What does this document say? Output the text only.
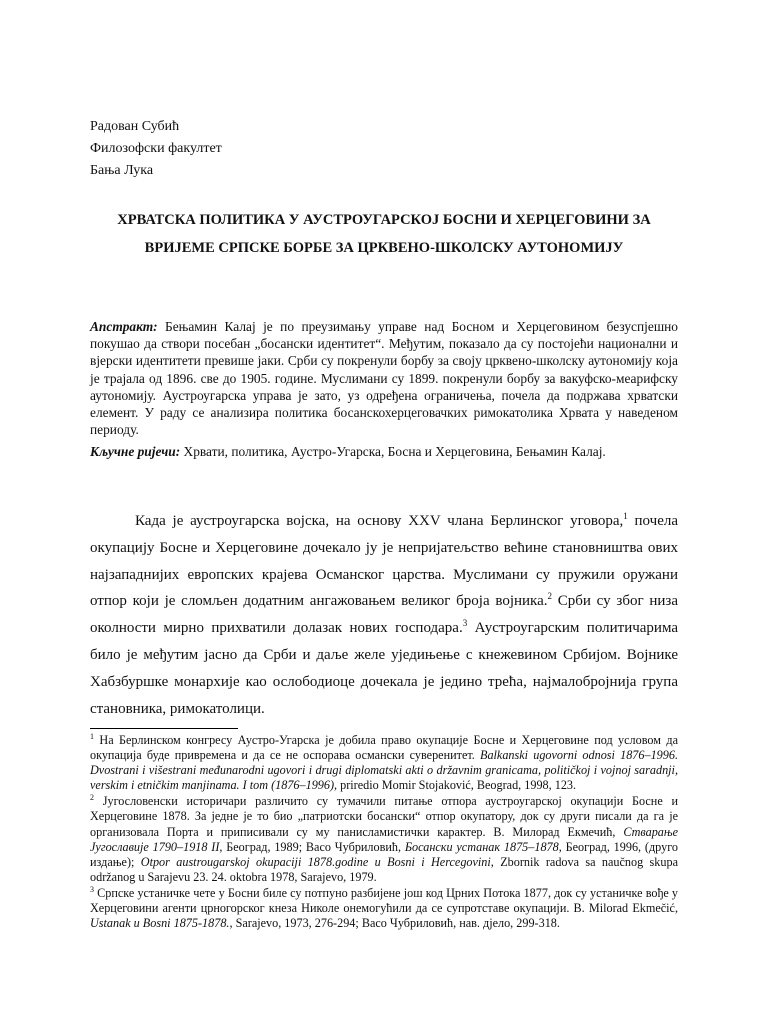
Радован Субић
Филозофски факултет
Бања Лука
ХРВАТСКА ПОЛИТИКА У АУСТРОУГАРСКОЈ БОСНИ И ХЕРЦЕГОВИНИ ЗА
ВРИЈЕМЕ СРПСКЕ БОРБЕ ЗА ЦРКВЕНО-ШКОЛСКУ АУТОНОМИЈУ
Апстракт: Бењамин Калај је по преузимању управе над Босном и Херцеговином безуспјешно покушао да створи посебан „босански идентитет“. Међутим, показало да су постојећи национални и вјерски идентитети превише јаки. Срби су покренули борбу за своју црквено-школску аутономију која је трајала од 1896. све до 1905. године. Муслимани су 1899. покренули борбу за вакуфско-меарифску аутономију. Аустроугарска управа је зато, уз одређена ограничења, почела да подржава хрватски елемент. У раду се анализира политика босанскохерцеговачких римокатолика Хрвата у наведеном периоду.
Кључне ријечи: Хрвати, политика, Аустро-Угарска, Босна и Херцеговина, Бењамин Калај.

Када је аустроугарска војска, на основу XXV члана Берлинског уговора,$^1$ почела окупацију Босне и Херцеговине дочекало ју је непријатељство већине становништва ових најзападнијих европских крајева Османског царства. Муслимани су пружили оружани отпор који је сломљен додатним ангажовањем великог броја војника.$^2$ Срби су због низа околности мирно прихватили долазак нових господара.$^3$ Аустроугарским политичарима било је међутим јасно да Срби и даље желе уједињење с кнежевином Србијом. Војнике Хабзбуршке монархије као ослободиоце дочекала је једино трећа, најмалобројнија група становника, римокатолици.

$^1$ На Берлинском конгресу Аустро-Угарска је добила право окупације Босне и Херцеговине под условом да окупација буде привремена и да се не оспорава османски суверенитет. Balkanski ugovorni odnosi 1876–1996. Dvostrani i višestrani međunarodni ugovori i drugi diplomatski akti o državnim granicama, političkoj i vojnoj saradnji, verskim i etničkim manjinama. I tom (1876–1996), priredio Momir Stojaković, Beograd, 1998, 123.

$^2$ Југословенски историчари различито су тумачили питање отпора аустроугарској окупацији Босне и Херцеговине 1878. За једне је то био „патриотски босански“ отпор окупатору, док су други писали да га је организовала Порта и приписивали су му панисламистички карактер. В. Милорад Екмечић, Стварање Југославије 1790–1918 II, Београд, 1989; Васо Чубриловић, Босански устанак 1875–1878, Београд, 1996, (друго издање); Otpor austrougarskoj okupaciji 1878.godine u Bosni i Hercegovini, Zbornik radova sa naučnog skupa održanog u Sarajevu 23. 24. oktobra 1978, Sarajevo, 1979.

$^3$ Српске устаничке чете у Босни биле су потпуно разбијене још код Црних Потока 1877, док су устаничке вође у Херцеговини агенти црногорског кнеза Николе онемогућили да се супротставе окупацији. В. Milorad Ekmečić, Ustanak u Bosni 1875-1878., Sarajevo, 1973, 276-294; Васо Чубриловић, нав. дјело, 299-318.
